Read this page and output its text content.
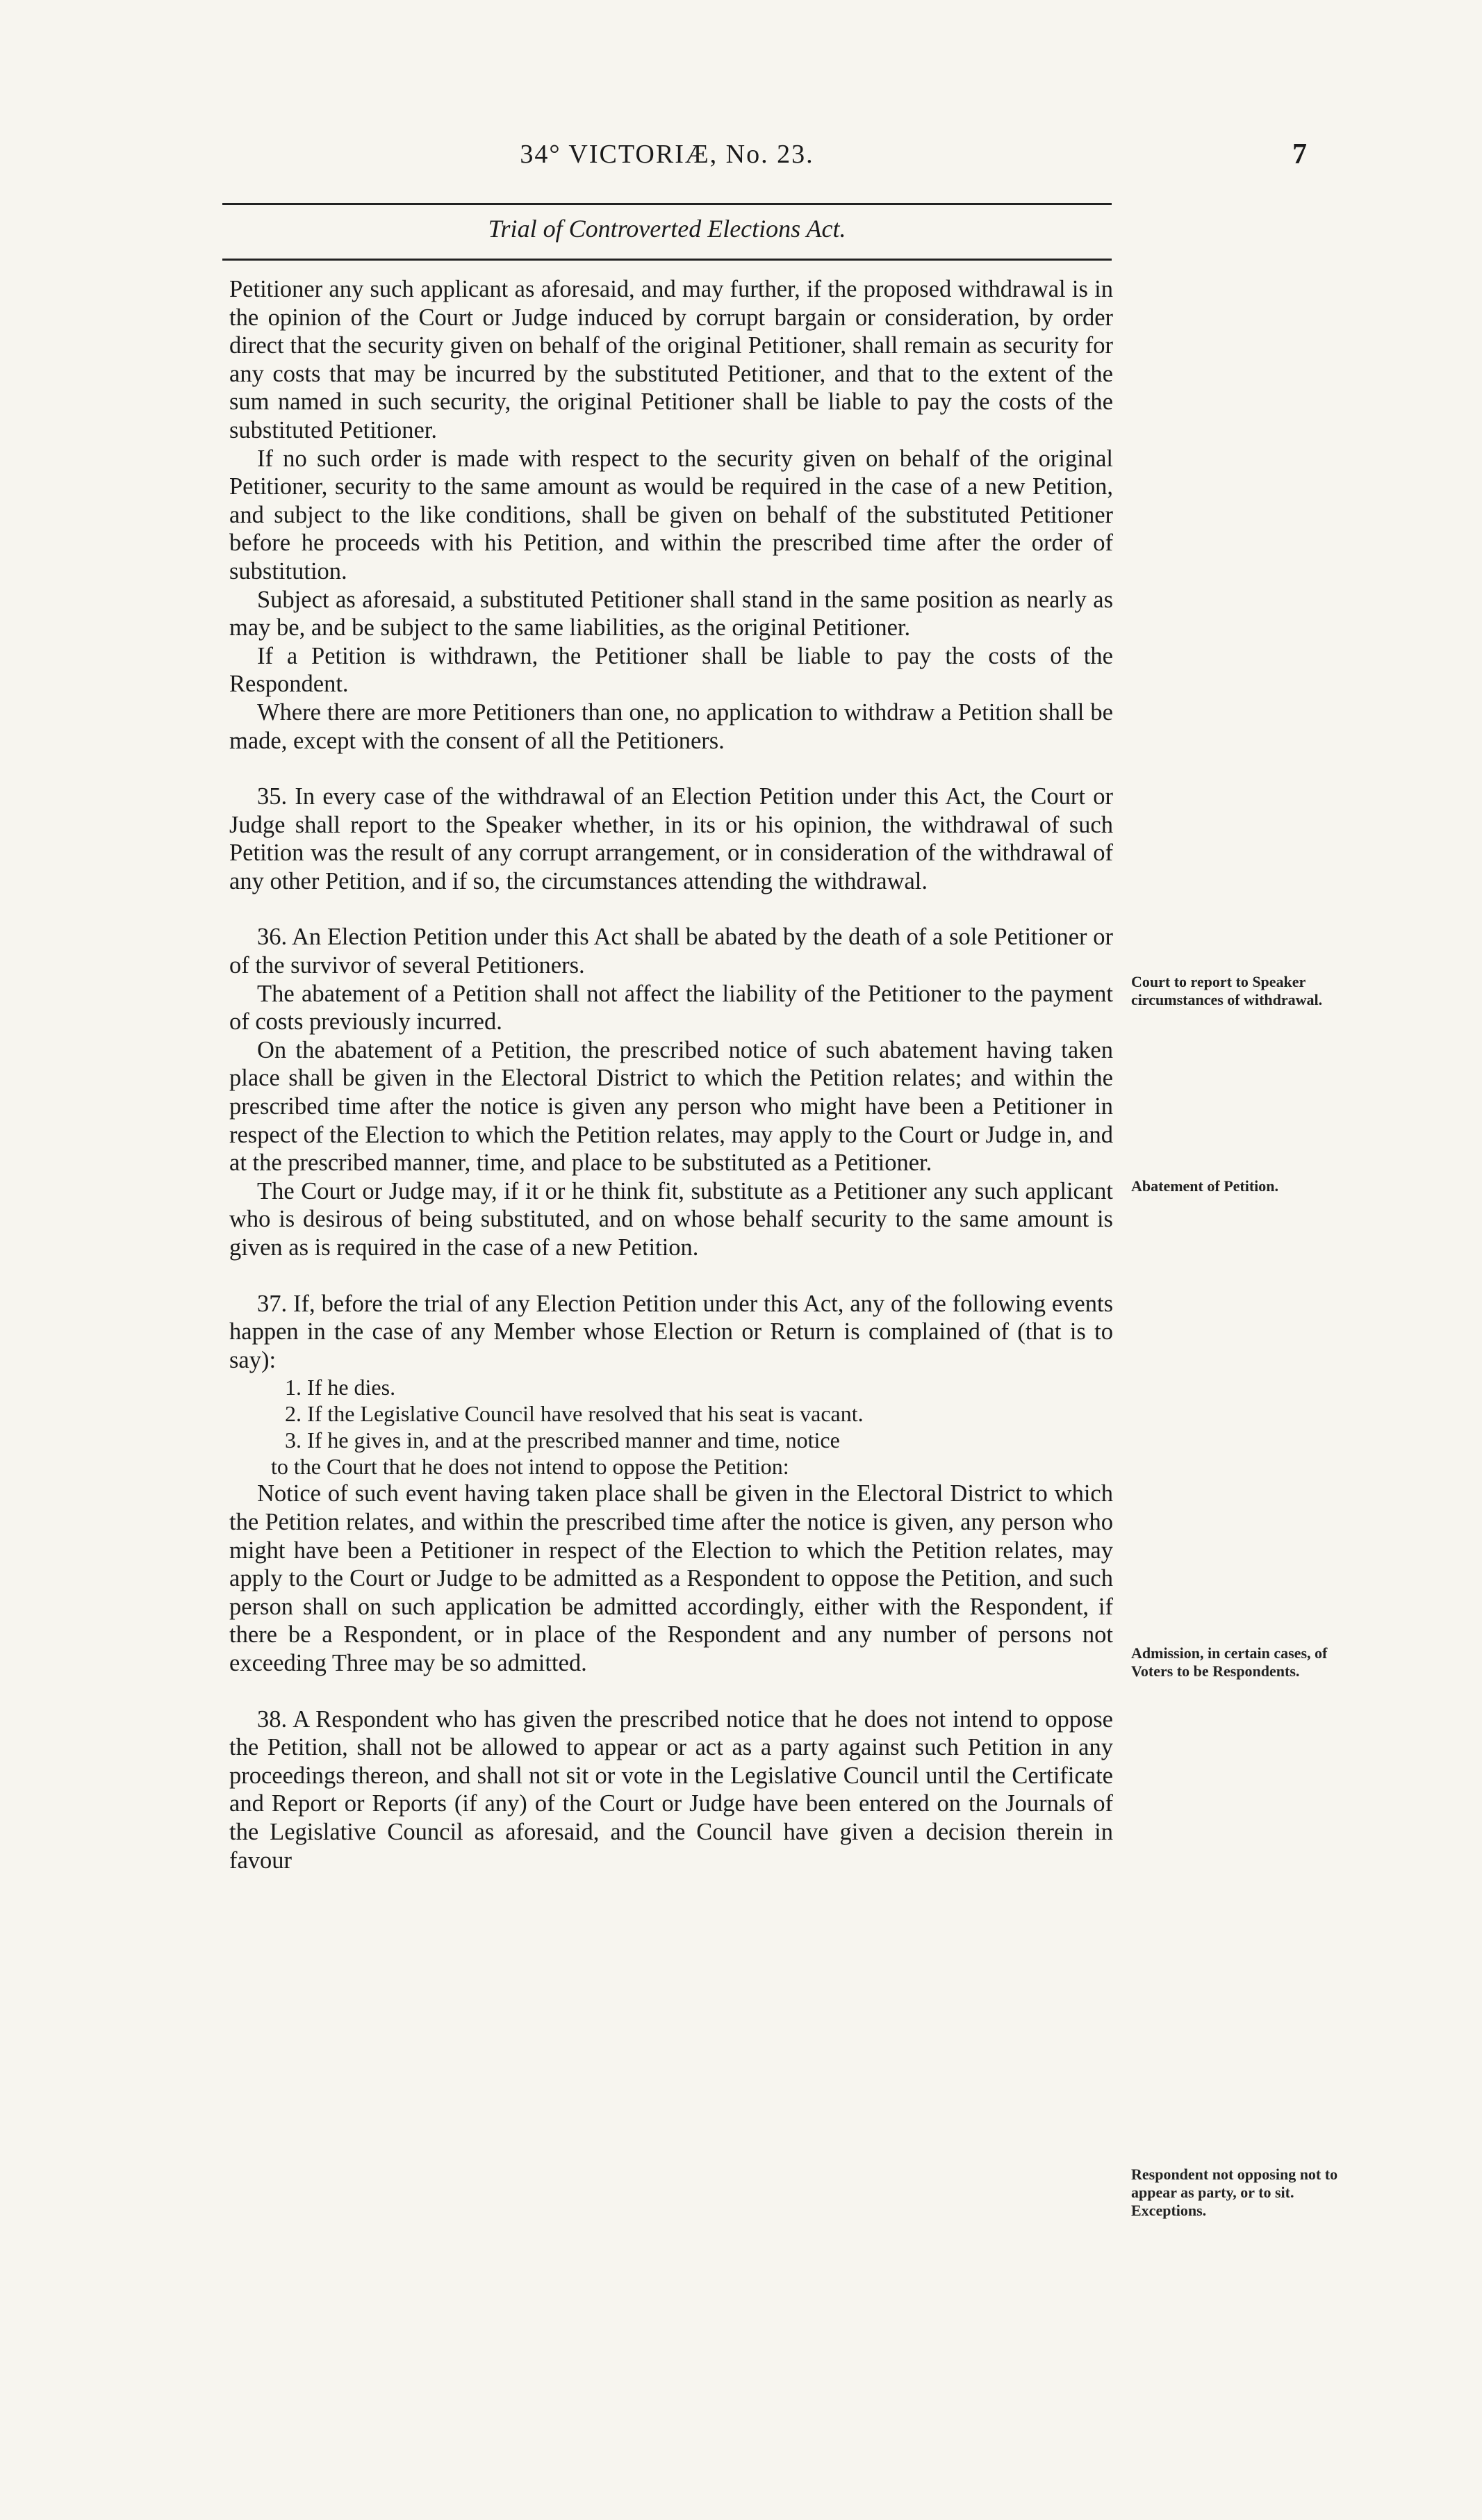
34° VICTORIÆ, No. 23.	7
Trial of Controverted Elections Act.

Petitioner any such applicant as aforesaid, and may further, if the proposed withdrawal is in the opinion of the Court or Judge induced by corrupt bargain or consideration, by order direct that the security given on behalf of the original Petitioner, shall remain as security for any costs that may be incurred by the substituted Petitioner, and that to the extent of the sum named in such security, the original Petitioner shall be liable to pay the costs of the substituted Petitioner.

If no such order is made with respect to the security given on behalf of the original Petitioner, security to the same amount as would be required in the case of a new Petition, and subject to the like conditions, shall be given on behalf of the substituted Petitioner before he proceeds with his Petition, and within the prescribed time after the order of substitution.

Subject as aforesaid, a substituted Petitioner shall stand in the same position as nearly as may be, and be subject to the same liabilities, as the original Petitioner.

If a Petition is withdrawn, the Petitioner shall be liable to pay the costs of the Respondent.

Where there are more Petitioners than one, no application to withdraw a Petition shall be made, except with the consent of all the Petitioners.

35. In every case of the withdrawal of an Election Petition under this Act, the Court or Judge shall report to the Speaker whether, in its or his opinion, the withdrawal of such Petition was the result of any corrupt arrangement, or in consideration of the withdrawal of any other Petition, and if so, the circumstances attending the withdrawal.

36. An Election Petition under this Act shall be abated by the death of a sole Petitioner or of the survivor of several Petitioners.

The abatement of a Petition shall not affect the liability of the Petitioner to the payment of costs previously incurred.

On the abatement of a Petition, the prescribed notice of such abatement having taken place shall be given in the Electoral District to which the Petition relates; and within the prescribed time after the notice is given any person who might have been a Petitioner in respect of the Election to which the Petition relates, may apply to the Court or Judge in, and at the prescribed manner, time, and place to be substituted as a Petitioner.

The Court or Judge may, if it or he think fit, substitute as a Petitioner any such applicant who is desirous of being substituted, and on whose behalf security to the same amount is given as is required in the case of a new Petition.

37. If, before the trial of any Election Petition under this Act, any of the following events happen in the case of any Member whose Election or Return is complained of (that is to say):

1. If he dies.
2. If the Legislative Council have resolved that his seat is vacant.
3. If he gives in, and at the prescribed manner and time, notice
to the Court that he does not intend to oppose the Petition:

Notice of such event having taken place shall be given in the Electoral District to which the Petition relates, and within the prescribed time after the notice is given, any person who might have been a Petitioner in respect of the Election to which the Petition relates, may apply to the Court or Judge to be admitted as a Respondent to oppose the Petition, and such person shall on such application be admitted accordingly, either with the Respondent, if there be a Respondent, or in place of the Respondent and any number of persons not exceeding Three may be so admitted.

38. A Respondent who has given the prescribed notice that he does not intend to oppose the Petition, shall not be allowed to appear or act as a party against such Petition in any proceedings thereon, and shall not sit or vote in the Legislative Council until the Certificate and Report or Reports (if any) of the Court or Judge have been entered on the Journals of the Legislative Council as aforesaid, and the Council have given a decision therein in favour

Court to report to Speaker circumstances of withdrawal.
Abatement of Petition.
Admission, in certain cases, of Voters to be Respondents.
Respondent not opposing not to appear as party, or to sit. Exceptions.
